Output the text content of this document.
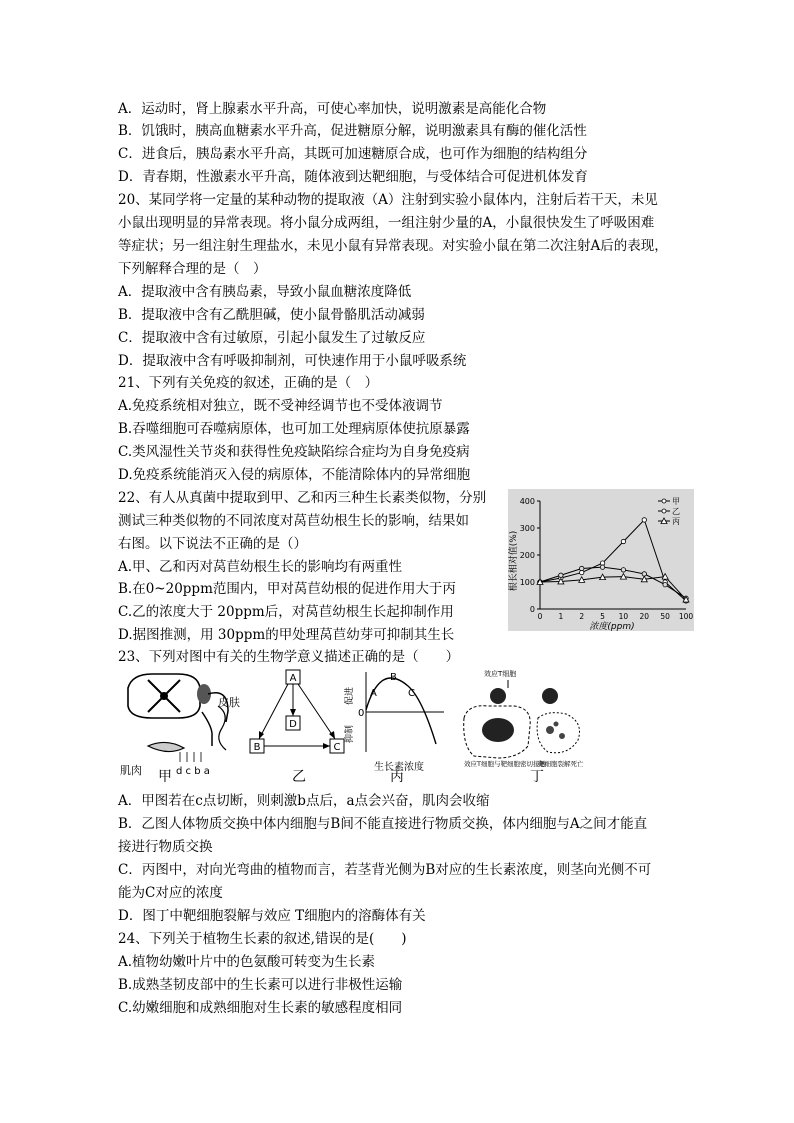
A．运动时，肾上腺素水平升高，可使心率加快，说明激素是高能化合物
B．饥饿时，胰高血糖素水平升高，促进糖原分解，说明激素具有酶的催化活性
C．进食后，胰岛素水平升高，其既可加速糖原合成，也可作为细胞的结构组分
D．青春期，性激素水平升高，随体液到达靶细胞，与受体结合可促进机体发育
20、某同学将一定量的某种动物的提取液（A）注射到实验小鼠体内，注射后若干天，未见
小鼠出现明显的异常表现。将小鼠分成两组，一组注射少量的A，小鼠很快发生了呼吸困难
等症状；另一组注射生理盐水，未见小鼠有异常表现。对实验小鼠在第二次注射A后的表现，
下列解释合理的是（　）
A．提取液中含有胰岛素，导致小鼠血糖浓度降低
B．提取液中含有乙酰胆碱，使小鼠骨骼肌活动减弱
C．提取液中含有过敏原，引起小鼠发生了过敏反应
D．提取液中含有呼吸抑制剂，可快速作用于小鼠呼吸系统
21、下列有关免疫的叙述，正确的是（　）
A.免疫系统相对独立，既不受神经调节也不受体液调节
B.吞噬细胞可吞噬病原体，也可加工处理病原体使抗原暴露
C.类风湿性关节炎和获得性免疫缺陷综合症均为自身免疫病
D.免疫系统能消灭入侵的病原体，不能清除体内的异常细胞
22、有人从真菌中提取到甲、乙和丙三种生长素类似物，分别
测试三种类似物的不同浓度对莴苣幼根生长的影响，结果如
右图。以下说法不正确的是（）
A.甲、乙和丙对莴苣幼根生长的影响均有两重性
B.在0~20ppm范围内，甲对莴苣幼根的促进作用大于丙
C.乙的浓度大于 20ppm后，对莴苣幼根生长起抑制作用
D.据图推测，用 30ppm的甲处理莴苣幼芽可抑制其生长
23、下列对图中有关的生物学意义描述正确的是（　　）
根长相对值(%)
浓度(ppm)
0
100
200
300
400
0 1 2 5 10 20 50 100
甲
乙
丙
皮肤
肌肉	d c b a
A
D
B	C
促进
0
抑制
A
B
C
生长素浓度
效应T细胞
效应T细胞与靶细胞密切接触
靶细胞裂解死亡
甲	乙	丙	丁
A．甲图若在c点切断，则刺激b点后，a点会兴奋，肌肉会收缩
B．乙图人体物质交换中体内细胞与B间不能直接进行物质交换，体内细胞与A之间才能直
接进行物质交换
C．丙图中，对向光弯曲的植物而言，若茎背光侧为B对应的生长素浓度，则茎向光侧不可
能为C对应的浓度
D．图丁中靶细胞裂解与效应 T细胞内的溶酶体有关
24、下列关于植物生长素的叙述,错误的是(　　)
A.植物幼嫩叶片中的色氨酸可转变为生长素
B.成熟茎韧皮部中的生长素可以进行非极性运输
C.幼嫩细胞和成熟细胞对生长素的敏感程度相同
